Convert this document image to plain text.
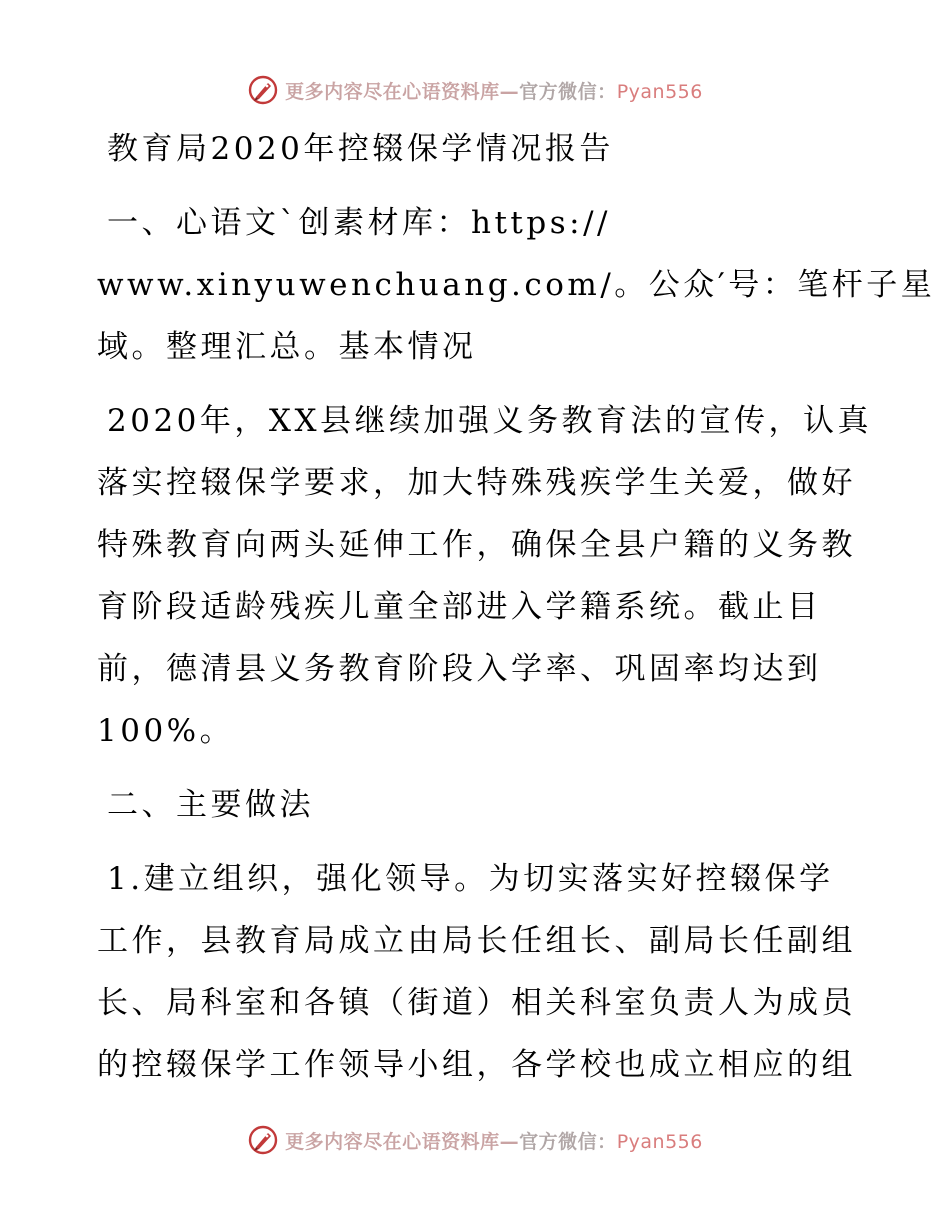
更多内容尽在心语资料库—官方微信：Pyan556
教育局2020年控辍保学情况报告
一、心语文`创素材库：https://
www.xinyuwenchuang.com/。公众′号：笔杆子星
域。整理汇总。基本情况
2020年，XX县继续加强义务教育法的宣传，认真
落实控辍保学要求，加大特殊残疾学生关爱，做好
特殊教育向两头延伸工作，确保全县户籍的义务教
育阶段适龄残疾儿童全部进入学籍系统。截止目
前，德清县义务教育阶段入学率、巩固率均达到
100%。
二、主要做法
1.建立组织，强化领导。为切实落实好控辍保学
工作，县教育局成立由局长任组长、副局长任副组
长、局科室和各镇（街道）相关科室负责人为成员
的控辍保学工作领导小组，各学校也成立相应的组
更多内容尽在心语资料库—官方微信：Pyan556
